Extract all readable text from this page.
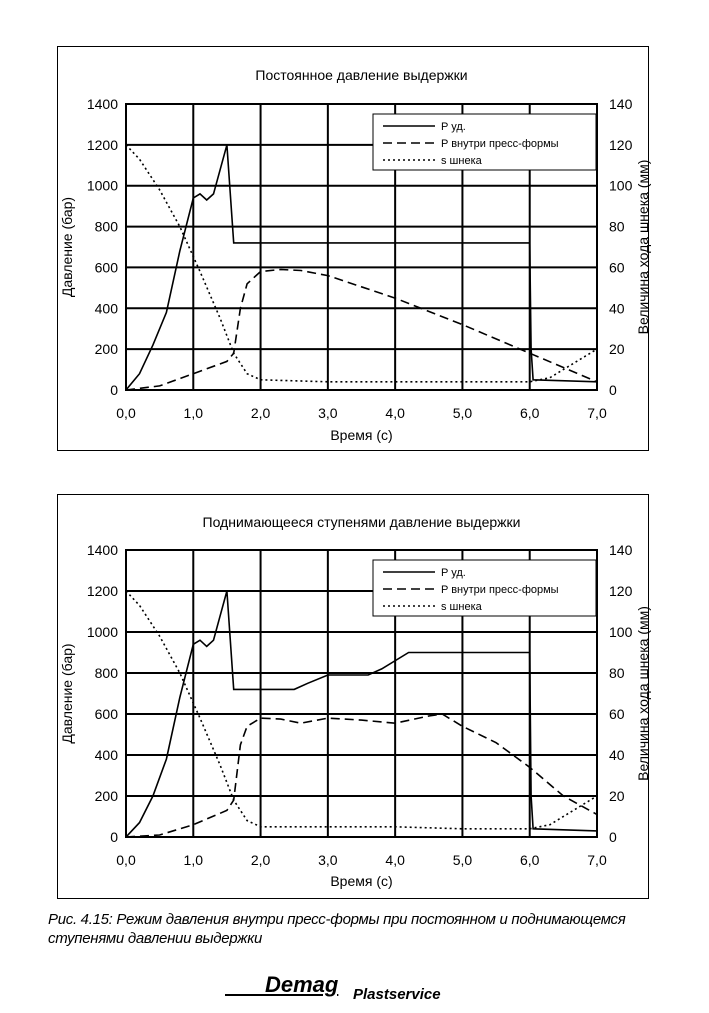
Постоянное давление выдержки
0,0	1,0	2,0	3,0	4,0	5,0	6,0	7,0
0
200
400
600
800
1000
1200
1400
0
20
40
60
80
100
120
140
Время (с)
Давление (бар)	Величина хода шнека (мм)
P уд.
P внутри пресс-формы
s шнека
Поднимающееся ступенями давление выдержки
0,0	1,0	2,0	3,0	4,0	5,0	6,0	7,0
0
200
400
600
800
1000
1200
1400
0
20
40
60
80
100
120
140
Время (с)
Давление (бар)	Величина хода шнека (мм)
P уд.
P внутри пресс-формы
s шнека
Рис. 4.15: Режим давления внутри пресс-формы при постоянном и поднимающемся ступенями давлении выдержки
Demag Plastservice
